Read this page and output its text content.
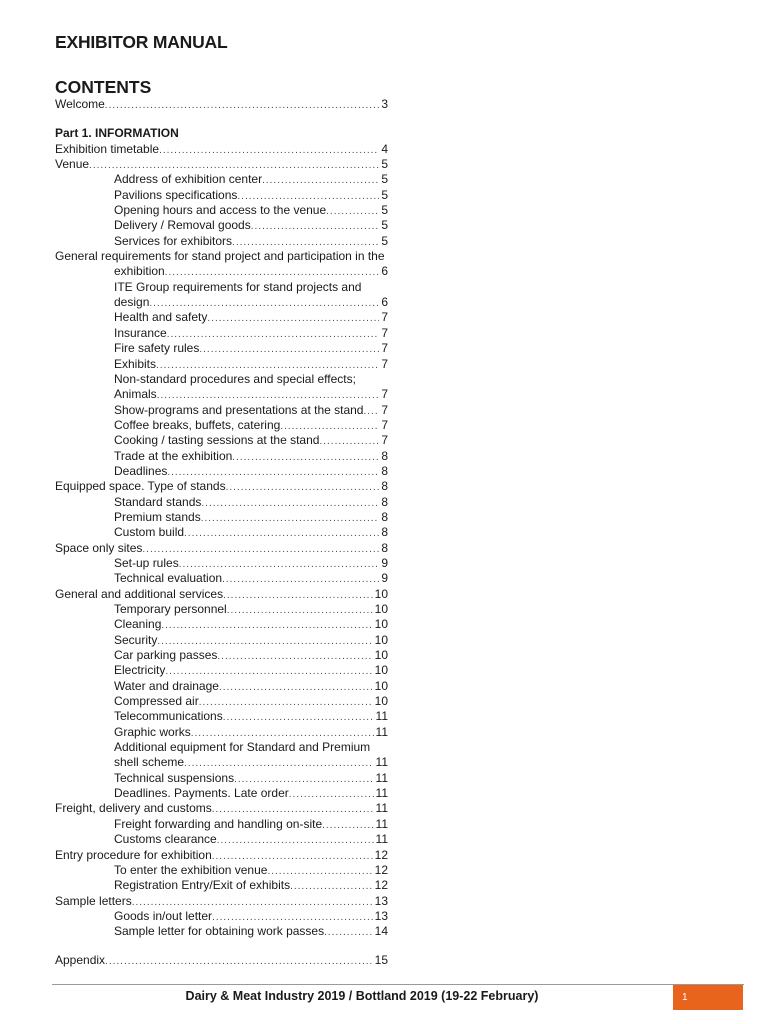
EXHIBITOR MANUAL
CONTENTS
Welcome .....	3
Part 1. INFORMATION
Exhibition timetable .....	4
Venue .....	5
Address of exhibition center .....	5
Pavilions specifications .....	5
Opening hours and access to the venue .....	5
Delivery / Removal goods .....	5
Services for exhibitors .....	5
General requirements for stand project and participation in the
exhibition .....	6
ITE Group requirements for stand projects and
design .....	6
Health and safety .....	7
Insurance .....	7
Fire safety rules .....	7
Exhibits .....	7
Non-standard procedures and special effects;
Animals .....	7
Show-programs and presentations at the stand ..... 7
Coffee breaks, buffets, catering .....	7
Cooking / tasting sessions at the stand .....	7
Trade at the exhibition .....	8
Deadlines .....	8
Equipped space. Type of stands .....	8
Standard stands .....	8
Premium stands .....	8
Custom build .....	8
Space only sites .....	8
Set-up rules .....	9
Technical evaluation .....	9
General and additional services .....	10
Temporary personnel .....	10
Cleaning .....	10
Security .....	10
Car parking passes .....	10
Electricity .....	10
Water and drainage .....	10
Compressed air .....	10
Telecommunications .....	11
Graphic works .....	11
Additional equipment for Standard and Premium
shell scheme .....	11
Technical suspensions .....	11
Deadlines. Payments. Late order .....	11
Freight, delivery and customs .....	11
Freight forwarding and handling on-site .....	11
Customs clearance .....	11
Entry procedure for exhibition .....	12
To enter the exhibition venue .....	12
Registration Entry/Exit of exhibits .....	12
Sample letters .....	13
Goods in/out letter .....	13
Sample letter for obtaining work passes .....	14
Appendix .....	15
Dairy & Meat Industry 2019 / Bottland 2019 (19-22 February)	1
